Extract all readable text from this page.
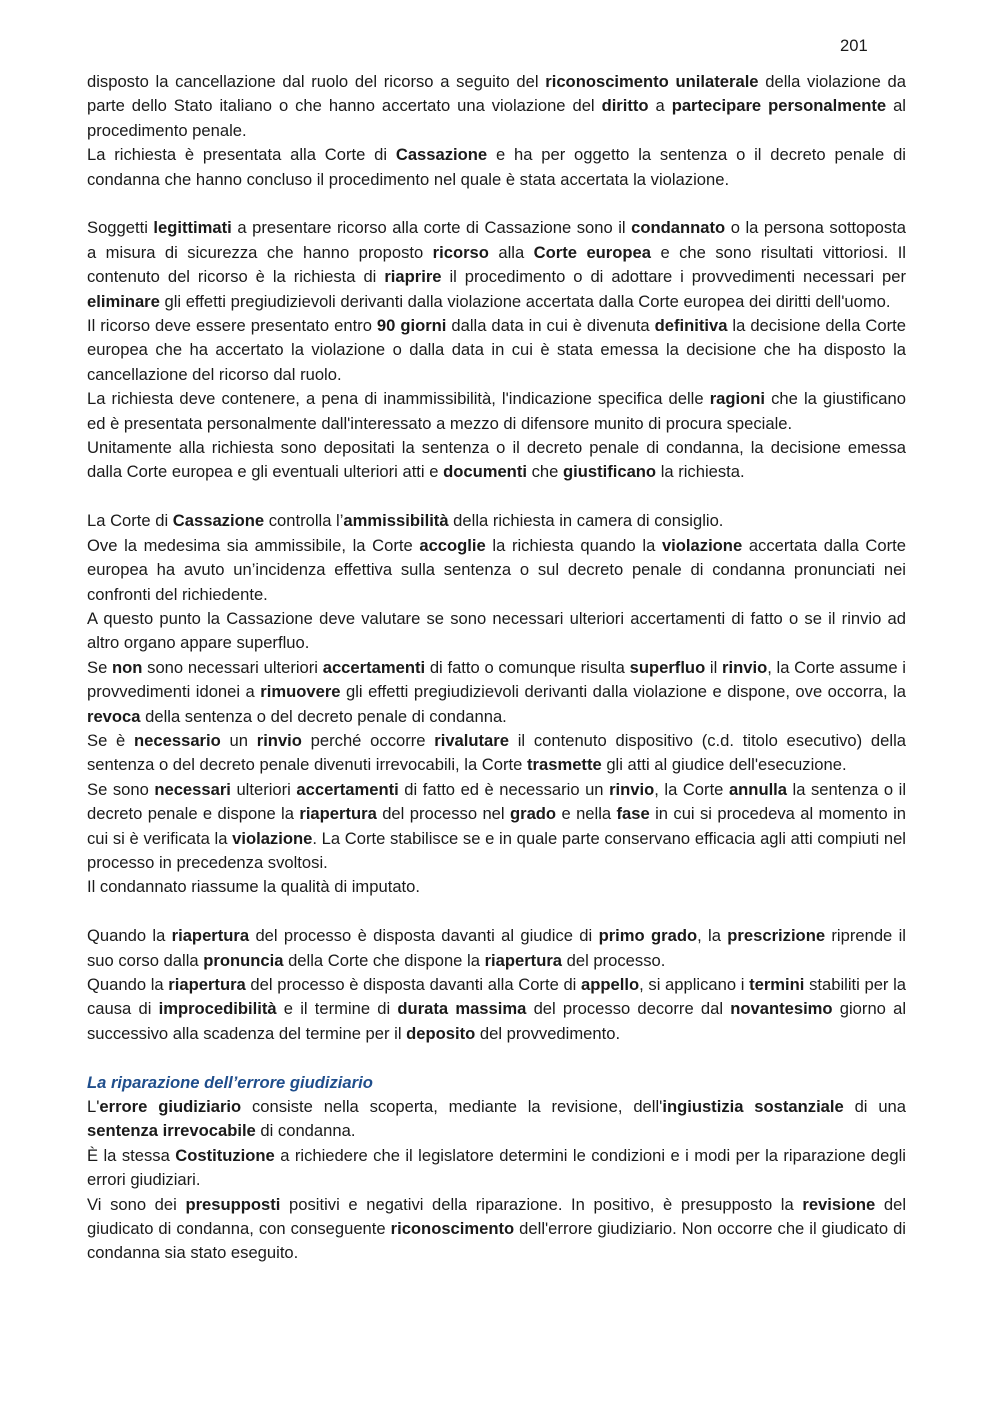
201

disposto la cancellazione dal ruolo del ricorso a seguito del riconoscimento unilaterale della violazione da parte dello Stato italiano o che hanno accertato una violazione del diritto a partecipare personalmente al procedimento penale.

La richiesta è presentata alla Corte di Cassazione e ha per oggetto la sentenza o il decreto penale di condanna che hanno concluso il procedimento nel quale è stata accertata la violazione.

Soggetti legittimati a presentare ricorso alla corte di Cassazione sono il condannato o la persona sottoposta a misura di sicurezza che hanno proposto ricorso alla Corte europea e che sono risultati vittoriosi. Il contenuto del ricorso è la richiesta di riaprire il procedimento o di adottare i provvedimenti necessari per eliminare gli effetti pregiudizievoli derivanti dalla violazione accertata dalla Corte europea dei diritti dell'uomo.

Il ricorso deve essere presentato entro 90 giorni dalla data in cui è divenuta definitiva la decisione della Corte europea che ha accertato la violazione o dalla data in cui è stata emessa la decisione che ha disposto la cancellazione del ricorso dal ruolo.

La richiesta deve contenere, a pena di inammissibilità, l'indicazione specifica delle ragioni che la giustificano ed è presentata personalmente dall'interessato a mezzo di difensore munito di procura speciale.

Unitamente alla richiesta sono depositati la sentenza o il decreto penale di condanna, la decisione emessa dalla Corte europea e gli eventuali ulteriori atti e documenti che giustificano la richiesta.

La Corte di Cassazione controlla l’ammissibilità della richiesta in camera di consiglio.

Ove la medesima sia ammissibile, la Corte accoglie la richiesta quando la violazione accertata dalla Corte europea ha avuto un’incidenza effettiva sulla sentenza o sul decreto penale di condanna pronunciati nei confronti del richiedente.

A questo punto la Cassazione deve valutare se sono necessari ulteriori accertamenti di fatto o se il rinvio ad altro organo appare superfluo.

Se non sono necessari ulteriori accertamenti di fatto o comunque risulta superfluo il rinvio, la Corte assume i provvedimenti idonei a rimuovere gli effetti pregiudizievoli derivanti dalla violazione e dispone, ove occorra, la revoca della sentenza o del decreto penale di condanna.

Se è necessario un rinvio perché occorre rivalutare il contenuto dispositivo (c.d. titolo esecutivo) della sentenza o del decreto penale divenuti irrevocabili, la Corte trasmette gli atti al giudice dell'esecuzione.

Se sono necessari ulteriori accertamenti di fatto ed è necessario un rinvio, la Corte annulla la sentenza o il decreto penale e dispone la riapertura del processo nel grado e nella fase in cui si procedeva al momento in cui si è verificata la violazione. La Corte stabilisce se e in quale parte conservano efficacia agli atti compiuti nel processo in precedenza svoltosi.

Il condannato riassume la qualità di imputato.

Quando la riapertura del processo è disposta davanti al giudice di primo grado, la prescrizione riprende il suo corso dalla pronuncia della Corte che dispone la riapertura del processo.

Quando la riapertura del processo è disposta davanti alla Corte di appello, si applicano i termini stabiliti per la causa di improcedibilità e il termine di durata massima del processo decorre dal novantesimo giorno al successivo alla scadenza del termine per il deposito del provvedimento.

La riparazione dell’errore giudiziario

L'errore giudiziario consiste nella scoperta, mediante la revisione, dell'ingiustizia sostanziale di una sentenza irrevocabile di condanna.

È la stessa Costituzione a richiedere che il legislatore determini le condizioni e i modi per la riparazione degli errori giudiziari.

Vi sono dei presupposti positivi e negativi della riparazione. In positivo, è presupposto la revisione del giudicato di condanna, con conseguente riconoscimento dell'errore giudiziario. Non occorre che il giudicato di condanna sia stato eseguito.
